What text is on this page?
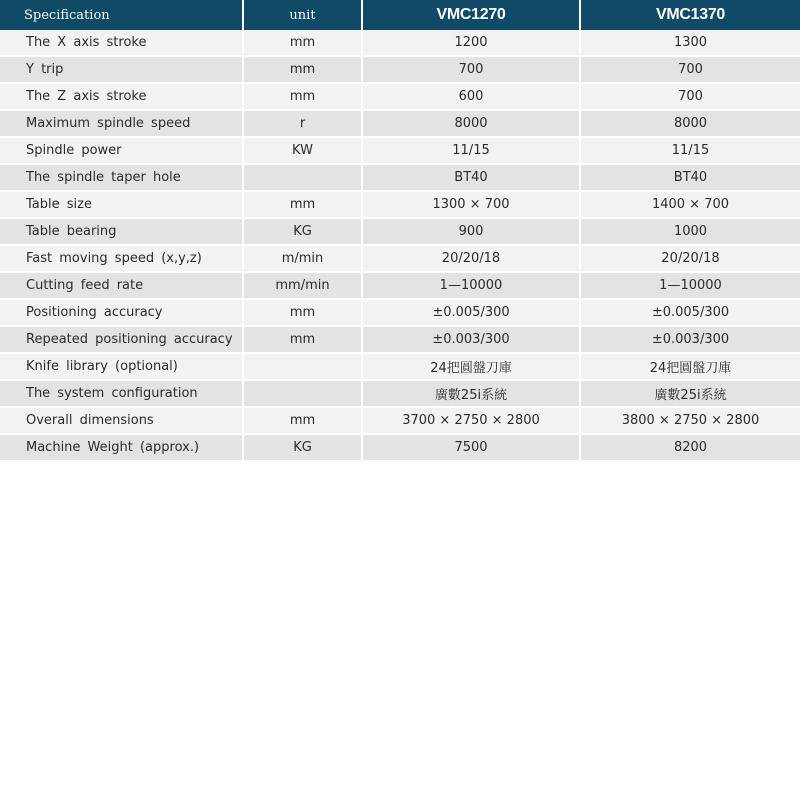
Specification	unit	VMC1270	VMC1370
The X axis stroke	mm	1200	1300
Y trip	mm	700	700
The Z axis stroke	mm	600	700
Maximum spindle speed	r	8000	8000
Spindle power	KW	11/15	11/15
The spindle taper hole		BT40	BT40
Table size	mm	1300 × 700	1400 × 700
Table bearing	KG	900	1000
Fast moving speed (x,y,z)	m/min	20/20/18	20/20/18
Cutting feed rate	mm/min	1—10000	1—10000
Positioning accuracy	mm	±0.005/300	±0.005/300
Repeated positioning accuracy	mm	±0.003/300	±0.003/300
Knife library (optional)		24把圓盤刀庫	24把圓盤刀庫
The system configuration		廣數25i系統	廣數25i系統
Overall dimensions	mm	3700 × 2750 × 2800	3800 × 2750 × 2800
Machine Weight (approx.)	KG	7500	8200
